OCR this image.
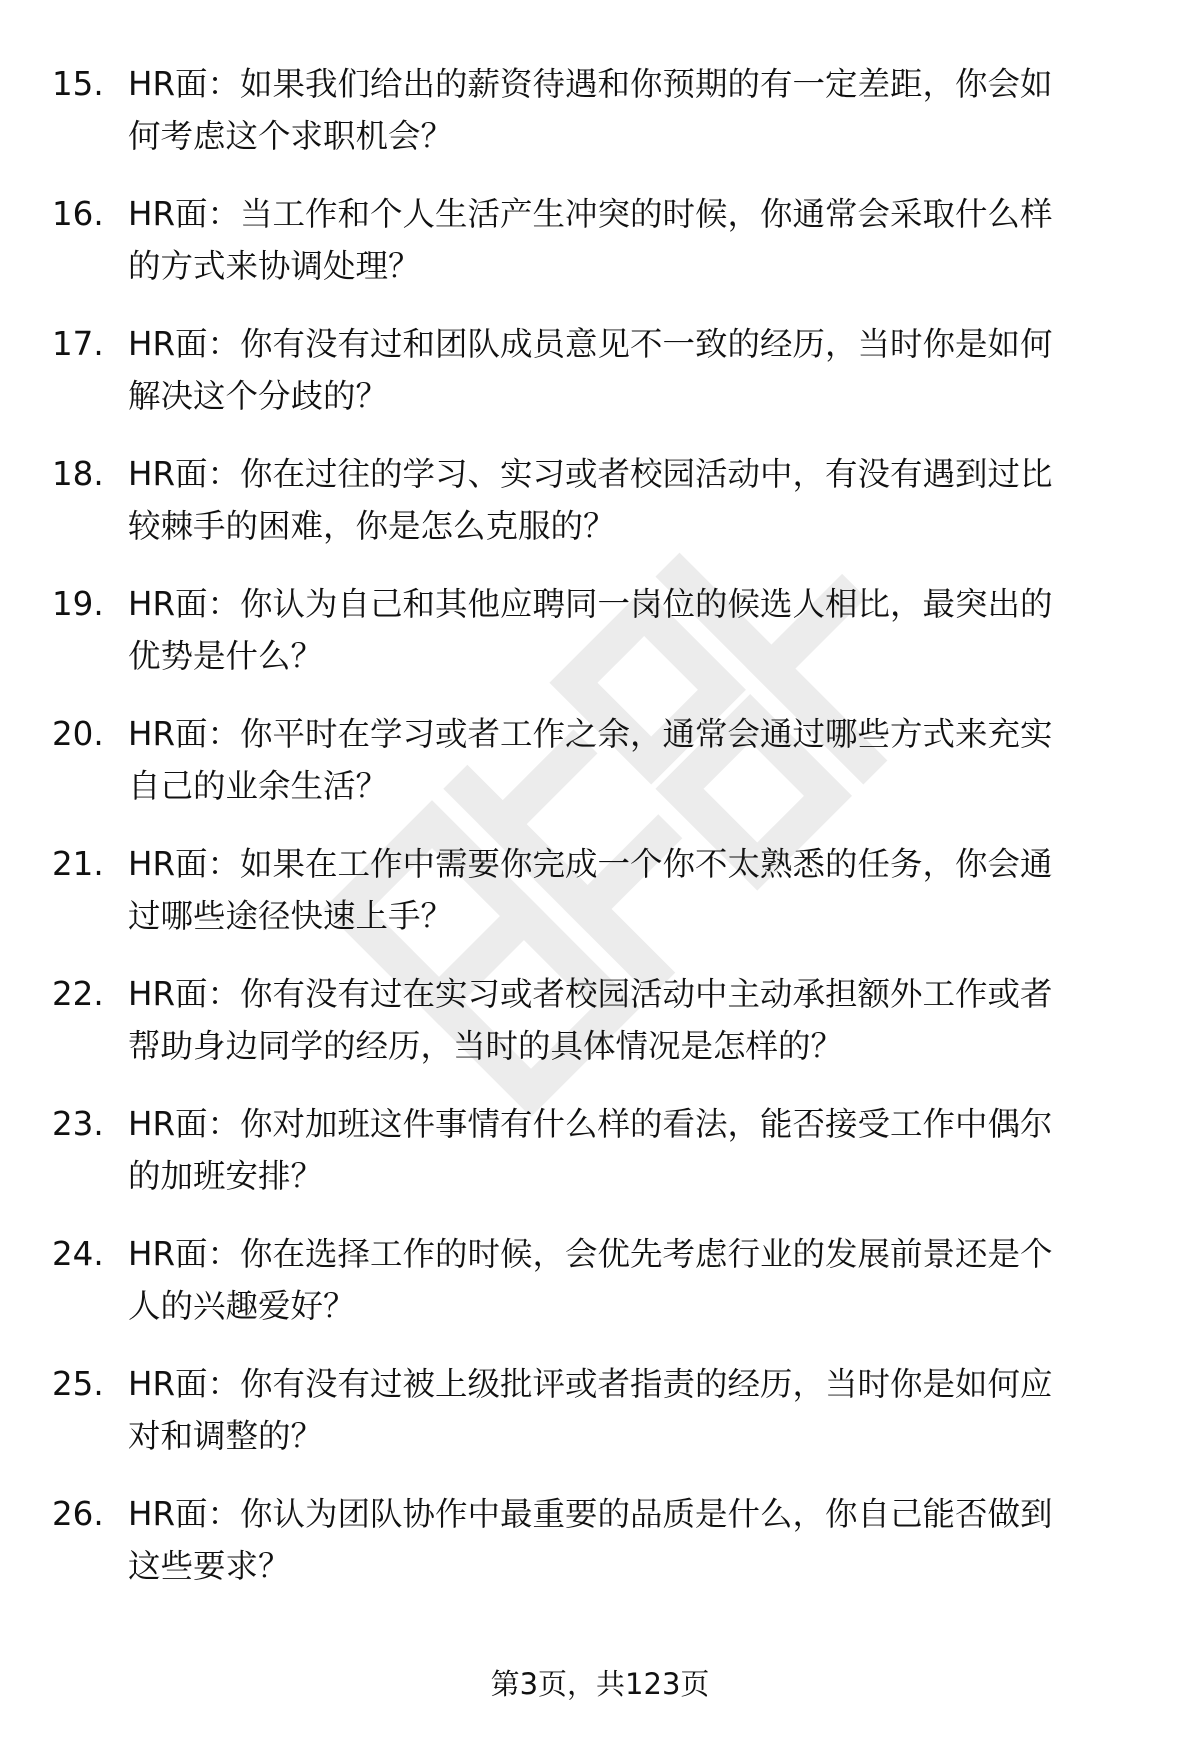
15. HR面：如果我们给出的薪资待遇和你预期的有一定差距，你会如
何考虑这个求职机会？
16. HR面：当工作和个人生活产生冲突的时候，你通常会采取什么样
的方式来协调处理？
17. HR面：你有没有过和团队成员意见不一致的经历，当时你是如何
解决这个分歧的？
18. HR面：你在过往的学习、实习或者校园活动中，有没有遇到过比
较棘手的困难，你是怎么克服的？
19. HR面：你认为自己和其他应聘同一岗位的候选人相比，最突出的
优势是什么？
20. HR面：你平时在学习或者工作之余，通常会通过哪些方式来充实
自己的业余生活？
21. HR面：如果在工作中需要你完成一个你不太熟悉的任务，你会通
过哪些途径快速上手？
22. HR面：你有没有过在实习或者校园活动中主动承担额外工作或者
帮助身边同学的经历，当时的具体情况是怎样的？
23. HR面：你对加班这件事情有什么样的看法，能否接受工作中偶尔
的加班安排？
24. HR面：你在选择工作的时候，会优先考虑行业的发展前景还是个
人的兴趣爱好？
25. HR面：你有没有过被上级批评或者指责的经历，当时你是如何应
对和调整的？
26. HR面：你认为团队协作中最重要的品质是什么，你自己能否做到
这些要求？
第3页，共123页
